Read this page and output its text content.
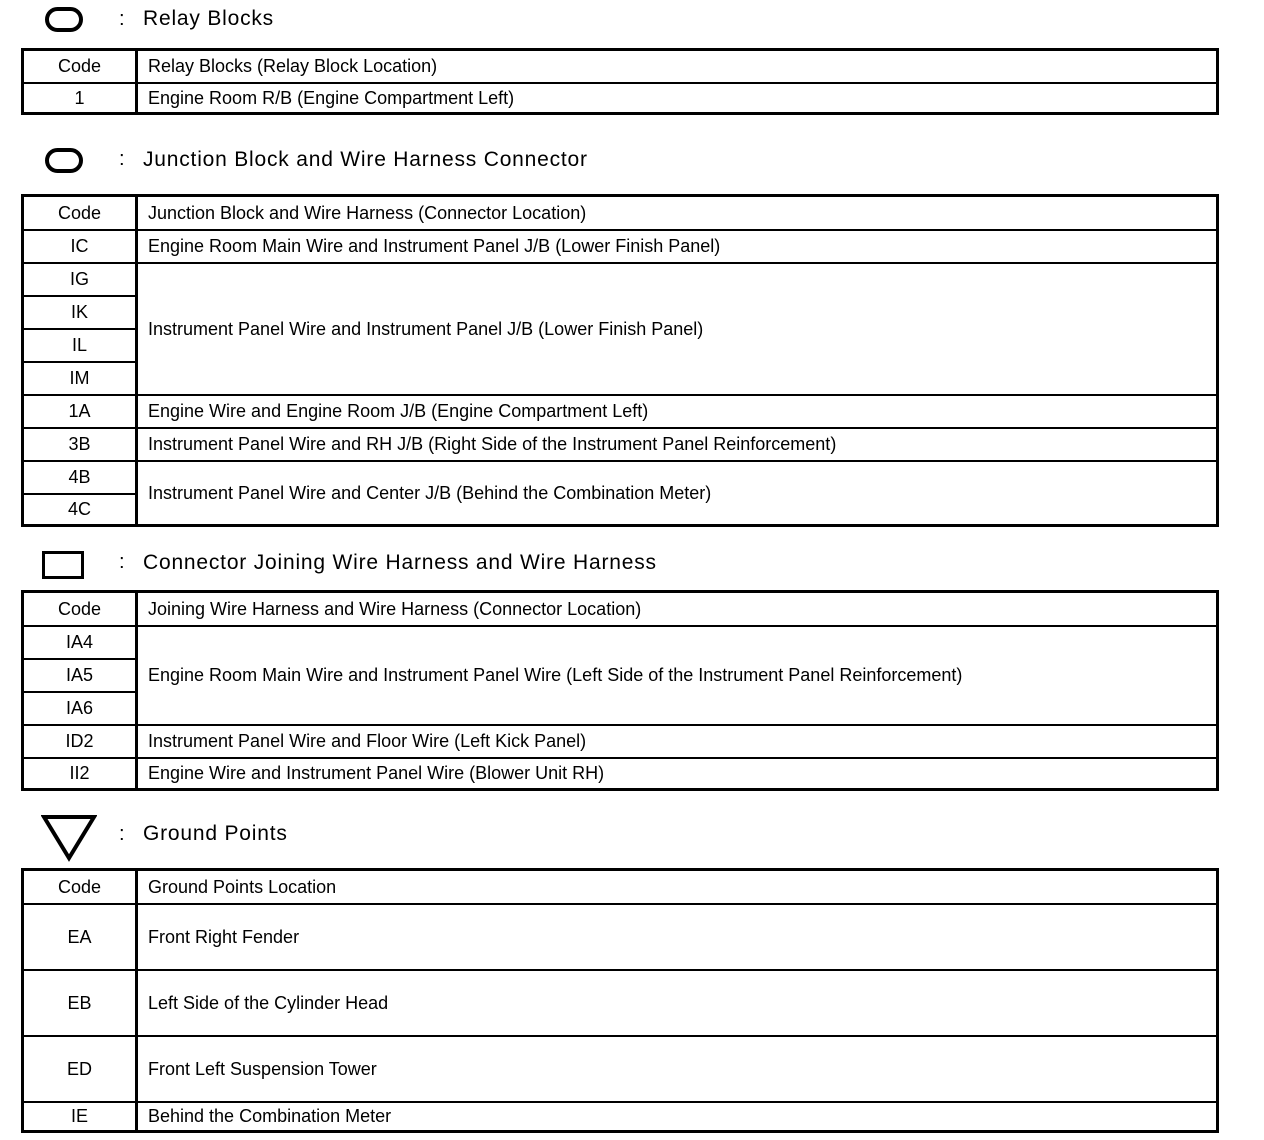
: Relay Blocks
Code	Relay Blocks (Relay Block Location)
1	Engine Room R/B (Engine Compartment Left)
: Junction Block and Wire Harness Connector
Code	Junction Block and Wire Harness (Connector Location)
IC	Engine Room Main Wire and Instrument Panel J/B (Lower Finish Panel)
IG	Instrument Panel Wire and Instrument Panel J/B (Lower Finish Panel)
IK	
IL	
IM	
1A	Engine Wire and Engine Room J/B (Engine Compartment Left)
3B	Instrument Panel Wire and RH J/B (Right Side of the Instrument Panel Reinforcement)
4B	Instrument Panel Wire and Center J/B (Behind the Combination Meter)
4C	
: Connector Joining Wire Harness and Wire Harness
Code	Joining Wire Harness and Wire Harness (Connector Location)
IA4	Engine Room Main Wire and Instrument Panel Wire (Left Side of the Instrument Panel Reinforcement)
IA5	
IA6	
ID2	Instrument Panel Wire and Floor Wire (Left Kick Panel)
II2	Engine Wire and Instrument Panel Wire (Blower Unit RH)
: Ground Points
Code	Ground Points Location
EA	Front Right Fender
EB	Left Side of the Cylinder Head
ED	Front Left Suspension Tower
IE	Behind the Combination Meter
